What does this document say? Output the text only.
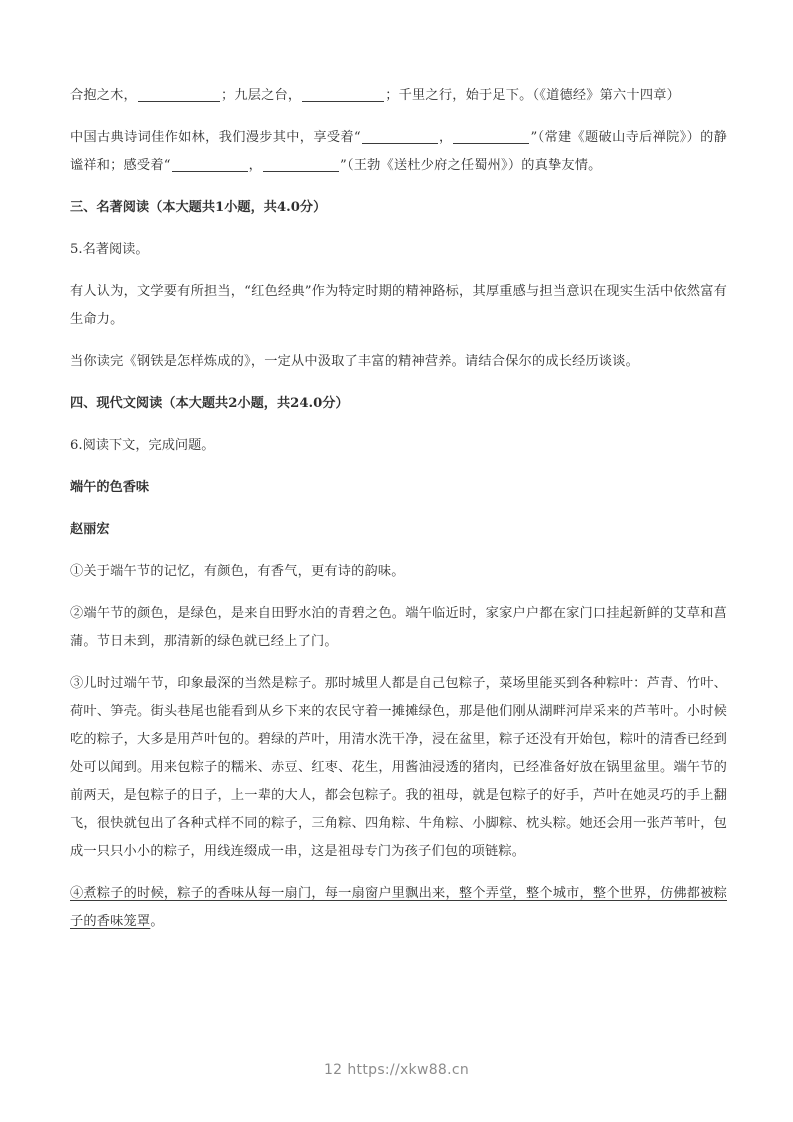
合抱之木，	；九层之台，	；千里之行，始于足下。（《道德经》第六十四章）

中国古典诗词佳作如林，我们漫步其中，享受着“	，	”（常建《题破山寺后禅院》）的静谧祥和；感受着“	，	”（王勃《送杜少府之任蜀州》）的真挚友情。

三、名著阅读（本大题共1小题，共4.0分）

5.名著阅读。

有人认为，文学要有所担当，“红色经典”作为特定时期的精神路标，其厚重感与担当意识在现实生活中依然富有生命力。

当你读完《钢铁是怎样炼成的》，一定从中汲取了丰富的精神营养。请结合保尔的成长经历谈谈。

四、现代文阅读（本大题共2小题，共24.0分）

6.阅读下文，完成问题。

端午的色香味

赵丽宏

①关于端午节的记忆，有颜色，有香气，更有诗的韵味。

②端午节的颜色，是绿色，是来自田野水泊的青碧之色。端午临近时，家家户户都在家门口挂起新鲜的艾草和菖蒲。节日未到，那清新的绿色就已经上了门。

③儿时过端午节，印象最深的当然是粽子。那时城里人都是自己包粽子，菜场里能买到各种粽叶：芦青、竹叶、荷叶、笋壳。街头巷尾也能看到从乡下来的农民守着一摊摊绿色，那是他们刚从湖畔河岸采来的芦苇叶。小时候吃的粽子，大多是用芦叶包的。碧绿的芦叶，用清水洗干净，浸在盆里，粽子还没有开始包，粽叶的清香已经到处可以闻到。用来包粽子的糯米、赤豆、红枣、花生，用酱油浸透的猪肉，已经准备好放在锅里盆里。端午节的前两天，是包粽子的日子，上一辈的大人，都会包粽子。我的祖母，就是包粽子的好手，芦叶在她灵巧的手上翻飞，很快就包出了各种式样不同的粽子，三角粽、四角粽、牛角粽、小脚粽、枕头粽。她还会用一张芦苇叶，包成一只只小小的粽子，用线连缀成一串，这是祖母专门为孩子们包的项链粽。

④煮粽子的时候，粽子的香味从每一扇门，每一扇窗户里飘出来，整个弄堂，整个城市，整个世界，仿佛都被粽子的香味笼罩。

12 https://xkw88.cn
